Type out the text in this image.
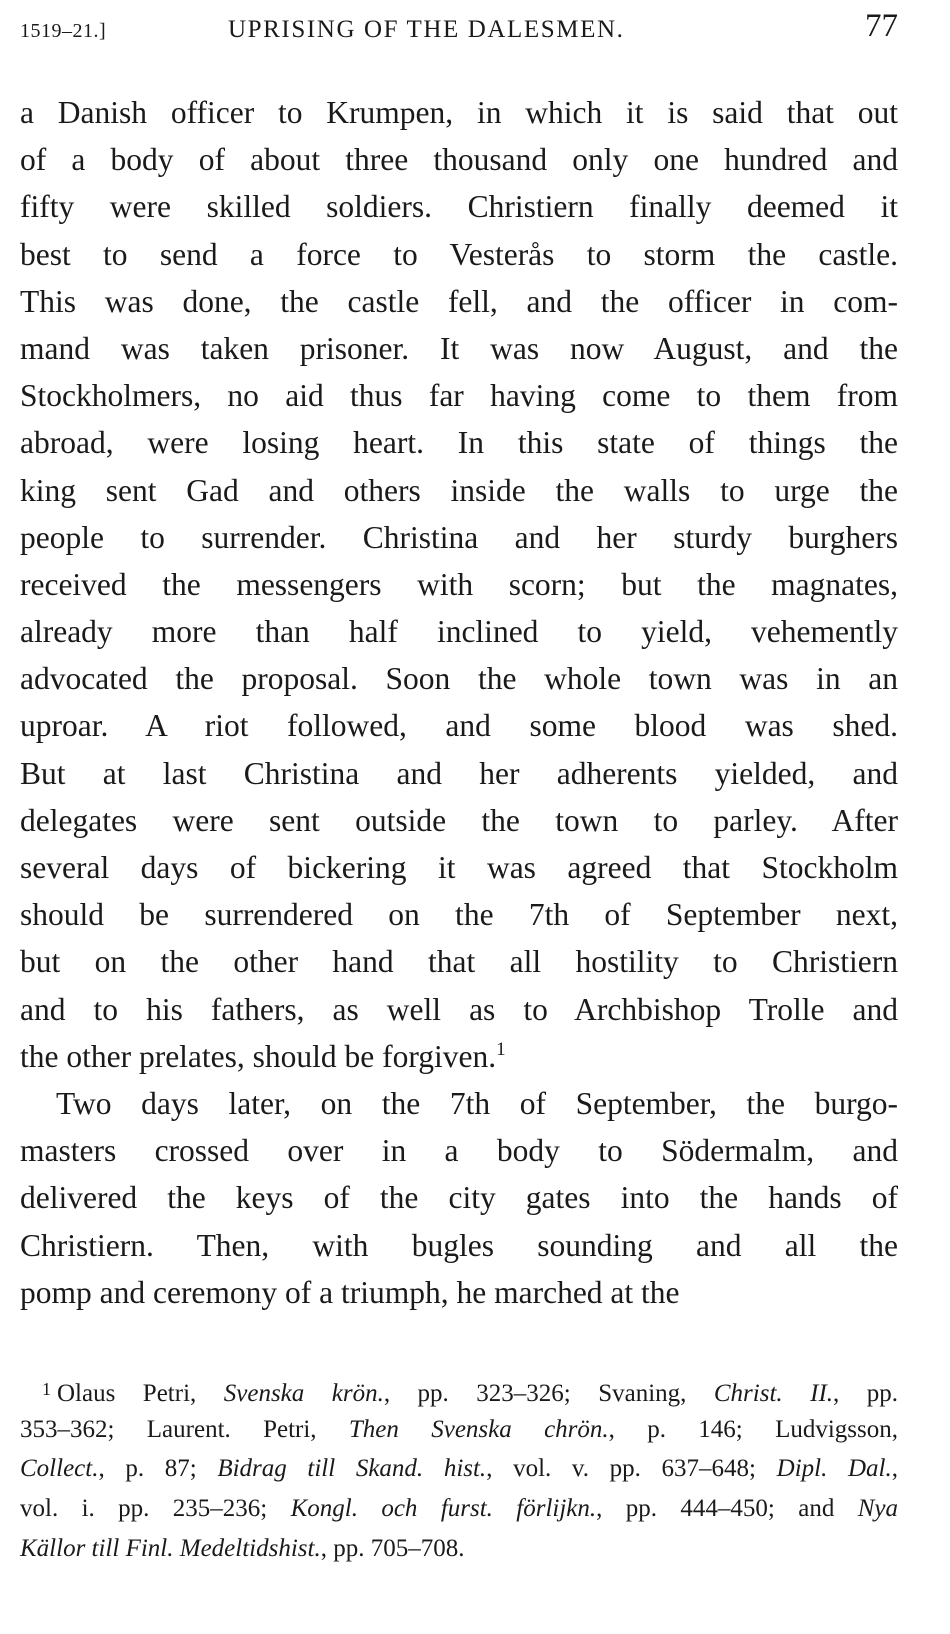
1519–21.]	UPRISING OF THE DALESMEN.	77
a Danish officer to Krumpen, in which it is said that out
of a body of about three thousand only one hundred and
fifty were skilled soldiers. Christiern finally deemed it
best to send a force to Vesterås to storm the castle.
This was done, the castle fell, and the officer in com-
mand was taken prisoner. It was now August, and the
Stockholmers, no aid thus far having come to them from
abroad, were losing heart. In this state of things the
king sent Gad and others inside the walls to urge the
people to surrender. Christina and her sturdy burghers
received the messengers with scorn; but the magnates,
already more than half inclined to yield, vehemently
advocated the proposal. Soon the whole town was in an
uproar. A riot followed, and some blood was shed.
But at last Christina and her adherents yielded, and
delegates were sent outside the town to parley. After
several days of bickering it was agreed that Stockholm
should be surrendered on the 7th of September next,
but on the other hand that all hostility to Christiern
and to his fathers, as well as to Archbishop Trolle and
the other prelates, should be forgiven.$^1$
Two days later, on the 7th of September, the burgo-
masters crossed over in a body to Södermalm, and
delivered the keys of the city gates into the hands of
Christiern. Then, with bugles sounding and all the
pomp and ceremony of a triumph, he marched at the
$^1$ Olaus Petri, Svenska krön., pp. 323–326; Svaning, Christ. II., pp.
353–362; Laurent. Petri, Then Svenska chrön., p. 146; Ludvigsson,
Collect., p. 87; Bidrag till Skand. hist., vol. v. pp. 637–648; Dipl. Dal.,
vol. i. pp. 235–236; Kongl. och furst. förlijkn., pp. 444–450; and Nya
Källor till Finl. Medeltidshist., pp. 705–708.
